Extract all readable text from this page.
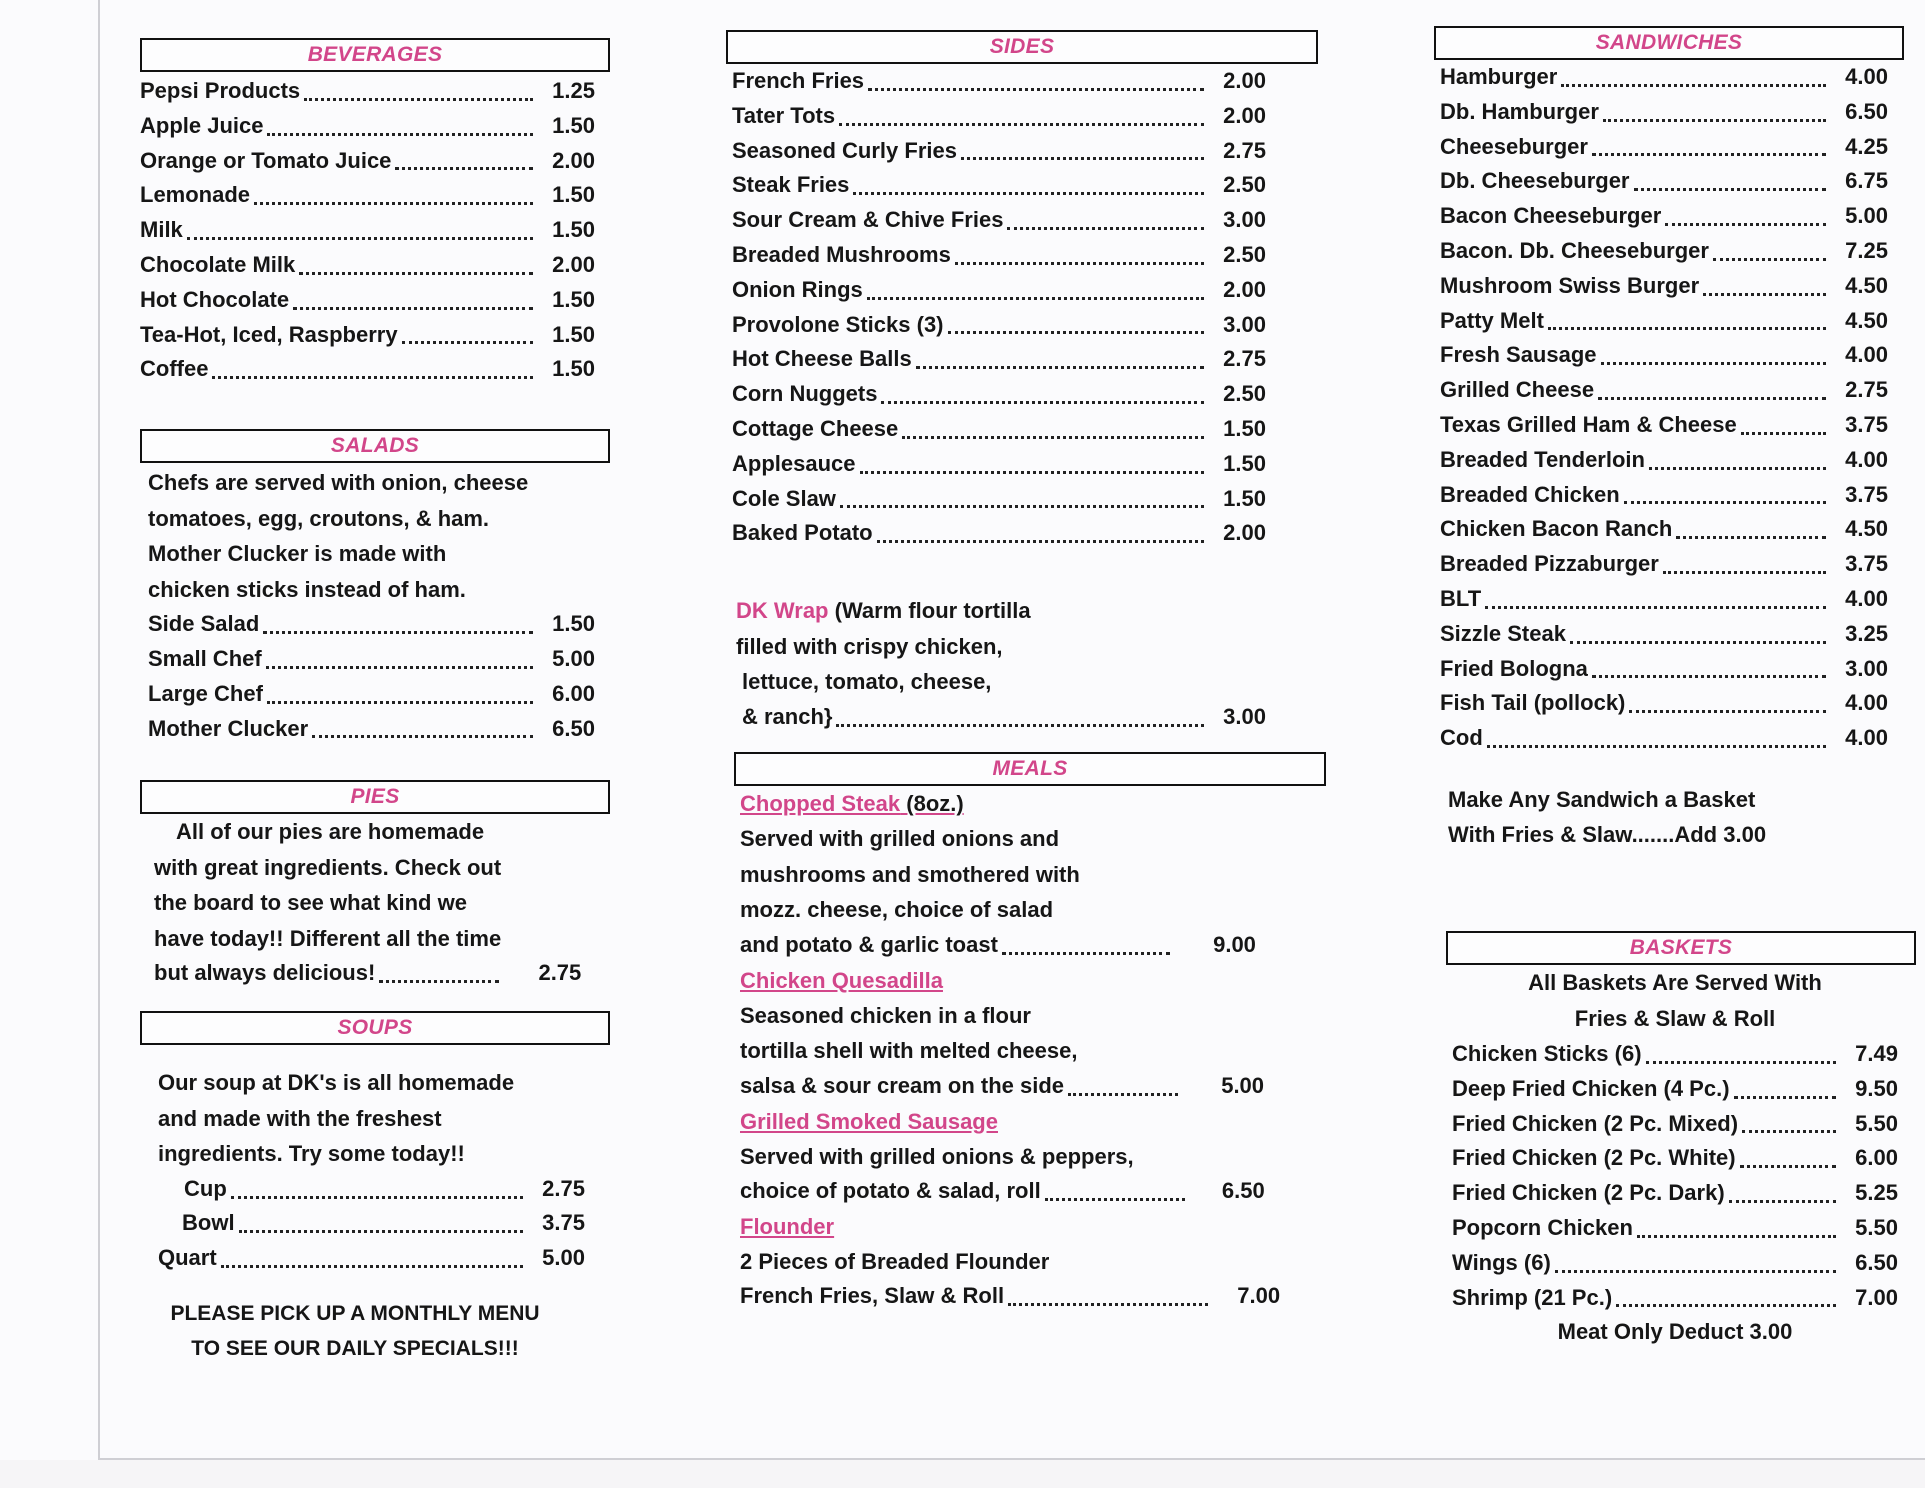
BEVERAGES
Pepsi Products	1.25
Apple Juice	1.50
Orange or Tomato Juice	2.00
Lemonade	1.50
Milk	1.50
Chocolate Milk	2.00
Hot Chocolate	1.50
Tea-Hot, Iced, Raspberry	1.50
Coffee	1.50
SALADS
Chefs are served with onion, cheese
tomatoes, egg, croutons, & ham.
Mother Clucker is made with
chicken sticks instead of ham.
Side Salad	1.50
Small Chef	5.00
Large Chef	6.00
Mother Clucker	6.50
PIES
All of our pies are homemade
with great ingredients. Check out
the board to see what kind we
have today!! Different all the time
but always delicious!	2.75
SOUPS
Our soup at DK's is all homemade
and made with the freshest
ingredients. Try some today!!
Cup	2.75
Bowl	3.75
Quart	5.00
PLEASE PICK UP A MONTHLY MENU
TO SEE OUR DAILY SPECIALS!!!
SIDES
French Fries	2.00
Tater Tots	2.00
Seasoned Curly Fries	2.75
Steak Fries	2.50
Sour Cream & Chive Fries	3.00
Breaded Mushrooms	2.50
Onion Rings	2.00
Provolone Sticks (3)	3.00
Hot Cheese Balls	2.75
Corn Nuggets	2.50
Cottage Cheese	1.50
Applesauce	1.50
Cole Slaw	1.50
Baked Potato	2.00
DK Wrap (Warm flour tortilla
filled with crispy chicken,
lettuce, tomato, cheese,
& ranch}	3.00
MEALS
Chopped Steak (8oz.)
Served with grilled onions and
mushrooms and smothered with
mozz. cheese, choice of salad
and potato & garlic toast	9.00
Chicken Quesadilla
Seasoned chicken in a flour
tortilla shell with melted cheese,
salsa & sour cream on the side	5.00
Grilled Smoked Sausage
Served with grilled onions & peppers,
choice of potato & salad, roll	6.50
Flounder
2 Pieces of Breaded Flounder
French Fries, Slaw & Roll	7.00
SANDWICHES
Hamburger	4.00
Db. Hamburger	6.50
Cheeseburger	4.25
Db. Cheeseburger	6.75
Bacon Cheeseburger	5.00
Bacon. Db. Cheeseburger	7.25
Mushroom Swiss Burger	4.50
Patty Melt	4.50
Fresh Sausage	4.00
Grilled Cheese	2.75
Texas Grilled Ham & Cheese	3.75
Breaded Tenderloin	4.00
Breaded Chicken	3.75
Chicken Bacon Ranch	4.50
Breaded Pizzaburger	3.75
BLT	4.00
Sizzle Steak	3.25
Fried Bologna	3.00
Fish Tail (pollock)	4.00
Cod	4.00
Make Any Sandwich a Basket
With Fries & Slaw.......Add 3.00
BASKETS
All Baskets Are Served With
Fries & Slaw & Roll
Chicken Sticks (6)	7.49
Deep Fried Chicken (4 Pc.)	9.50
Fried Chicken (2 Pc. Mixed)	5.50
Fried Chicken (2 Pc. White)	6.00
Fried Chicken (2 Pc. Dark)	5.25
Popcorn Chicken	5.50
Wings (6)	6.50
Shrimp (21 Pc.)	7.00
Meat Only Deduct 3.00
